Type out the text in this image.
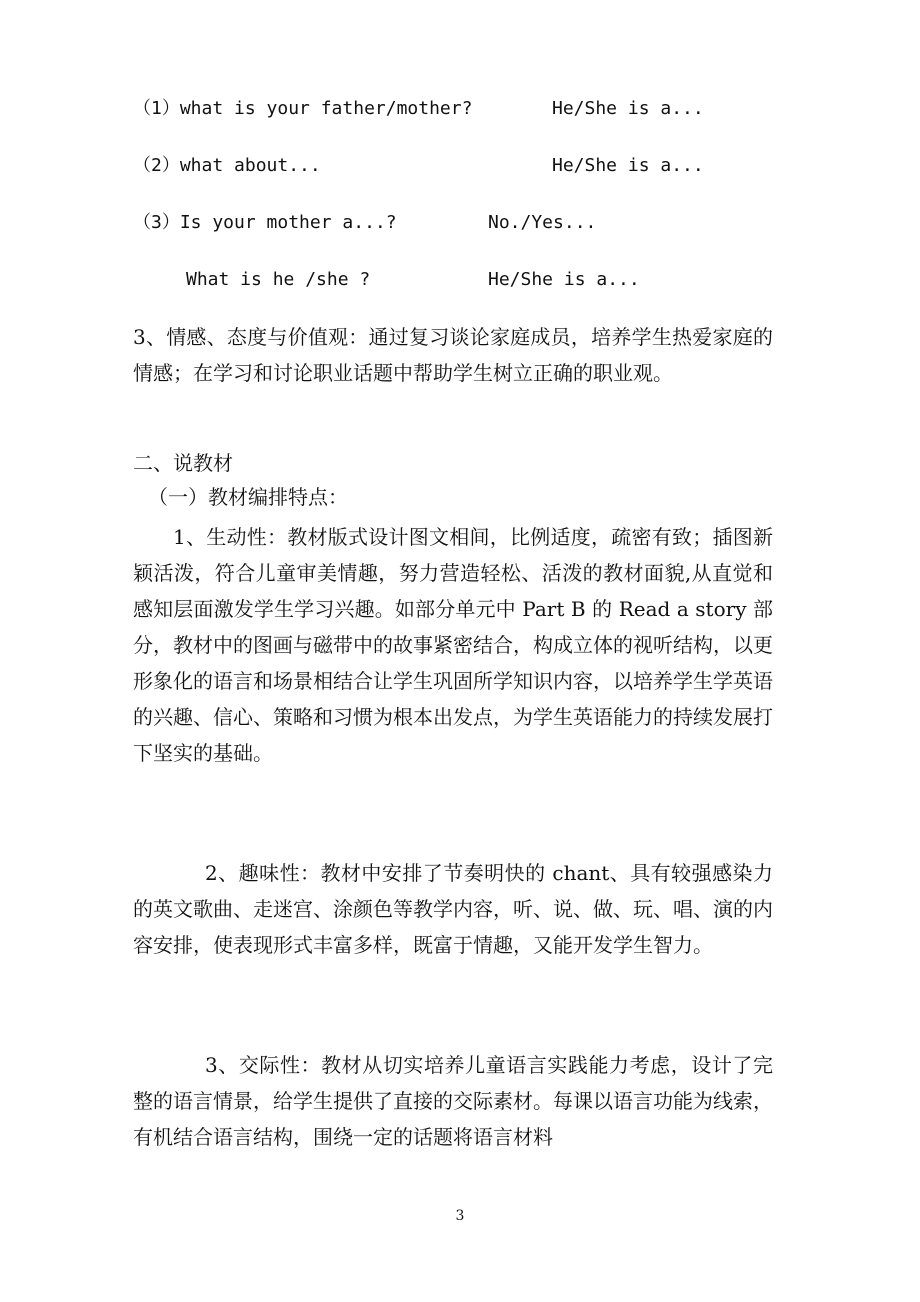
（1）what is your father/mother?	He/She is a...
（2）what about...	He/She is a...
（3）Is your mother a...?	No./Yes...
What is he /she ?	He/She is a...
3、情感、态度与价值观：通过复习谈论家庭成员，培养学生热爱家庭的情感；在学习和讨论职业话题中帮助学生树立正确的职业观。
二、说教材
（一）教材编排特点：
1、生动性：教材版式设计图文相间，比例适度，疏密有致；插图新颖活泼，符合儿童审美情趣，努力营造轻松、活泼的教材面貌,从直觉和感知层面激发学生学习兴趣。如部分单元中 Part B 的 Read a story 部分，教材中的图画与磁带中的故事紧密结合，构成立体的视听结构，以更形象化的语言和场景相结合让学生巩固所学知识内容，以培养学生学英语的兴趣、信心、策略和习惯为根本出发点，为学生英语能力的持续发展打下坚实的基础。
2、趣味性：教材中安排了节奏明快的 chant、具有较强感染力的英文歌曲、走迷宫、涂颜色等教学内容，听、说、做、玩、唱、演的内容安排，使表现形式丰富多样，既富于情趣，又能开发学生智力。
3、交际性：教材从切实培养儿童语言实践能力考虑，设计了完整的语言情景，给学生提供了直接的交际素材。每课以语言功能为线索，有机结合语言结构，围绕一定的话题将语言材料
3
